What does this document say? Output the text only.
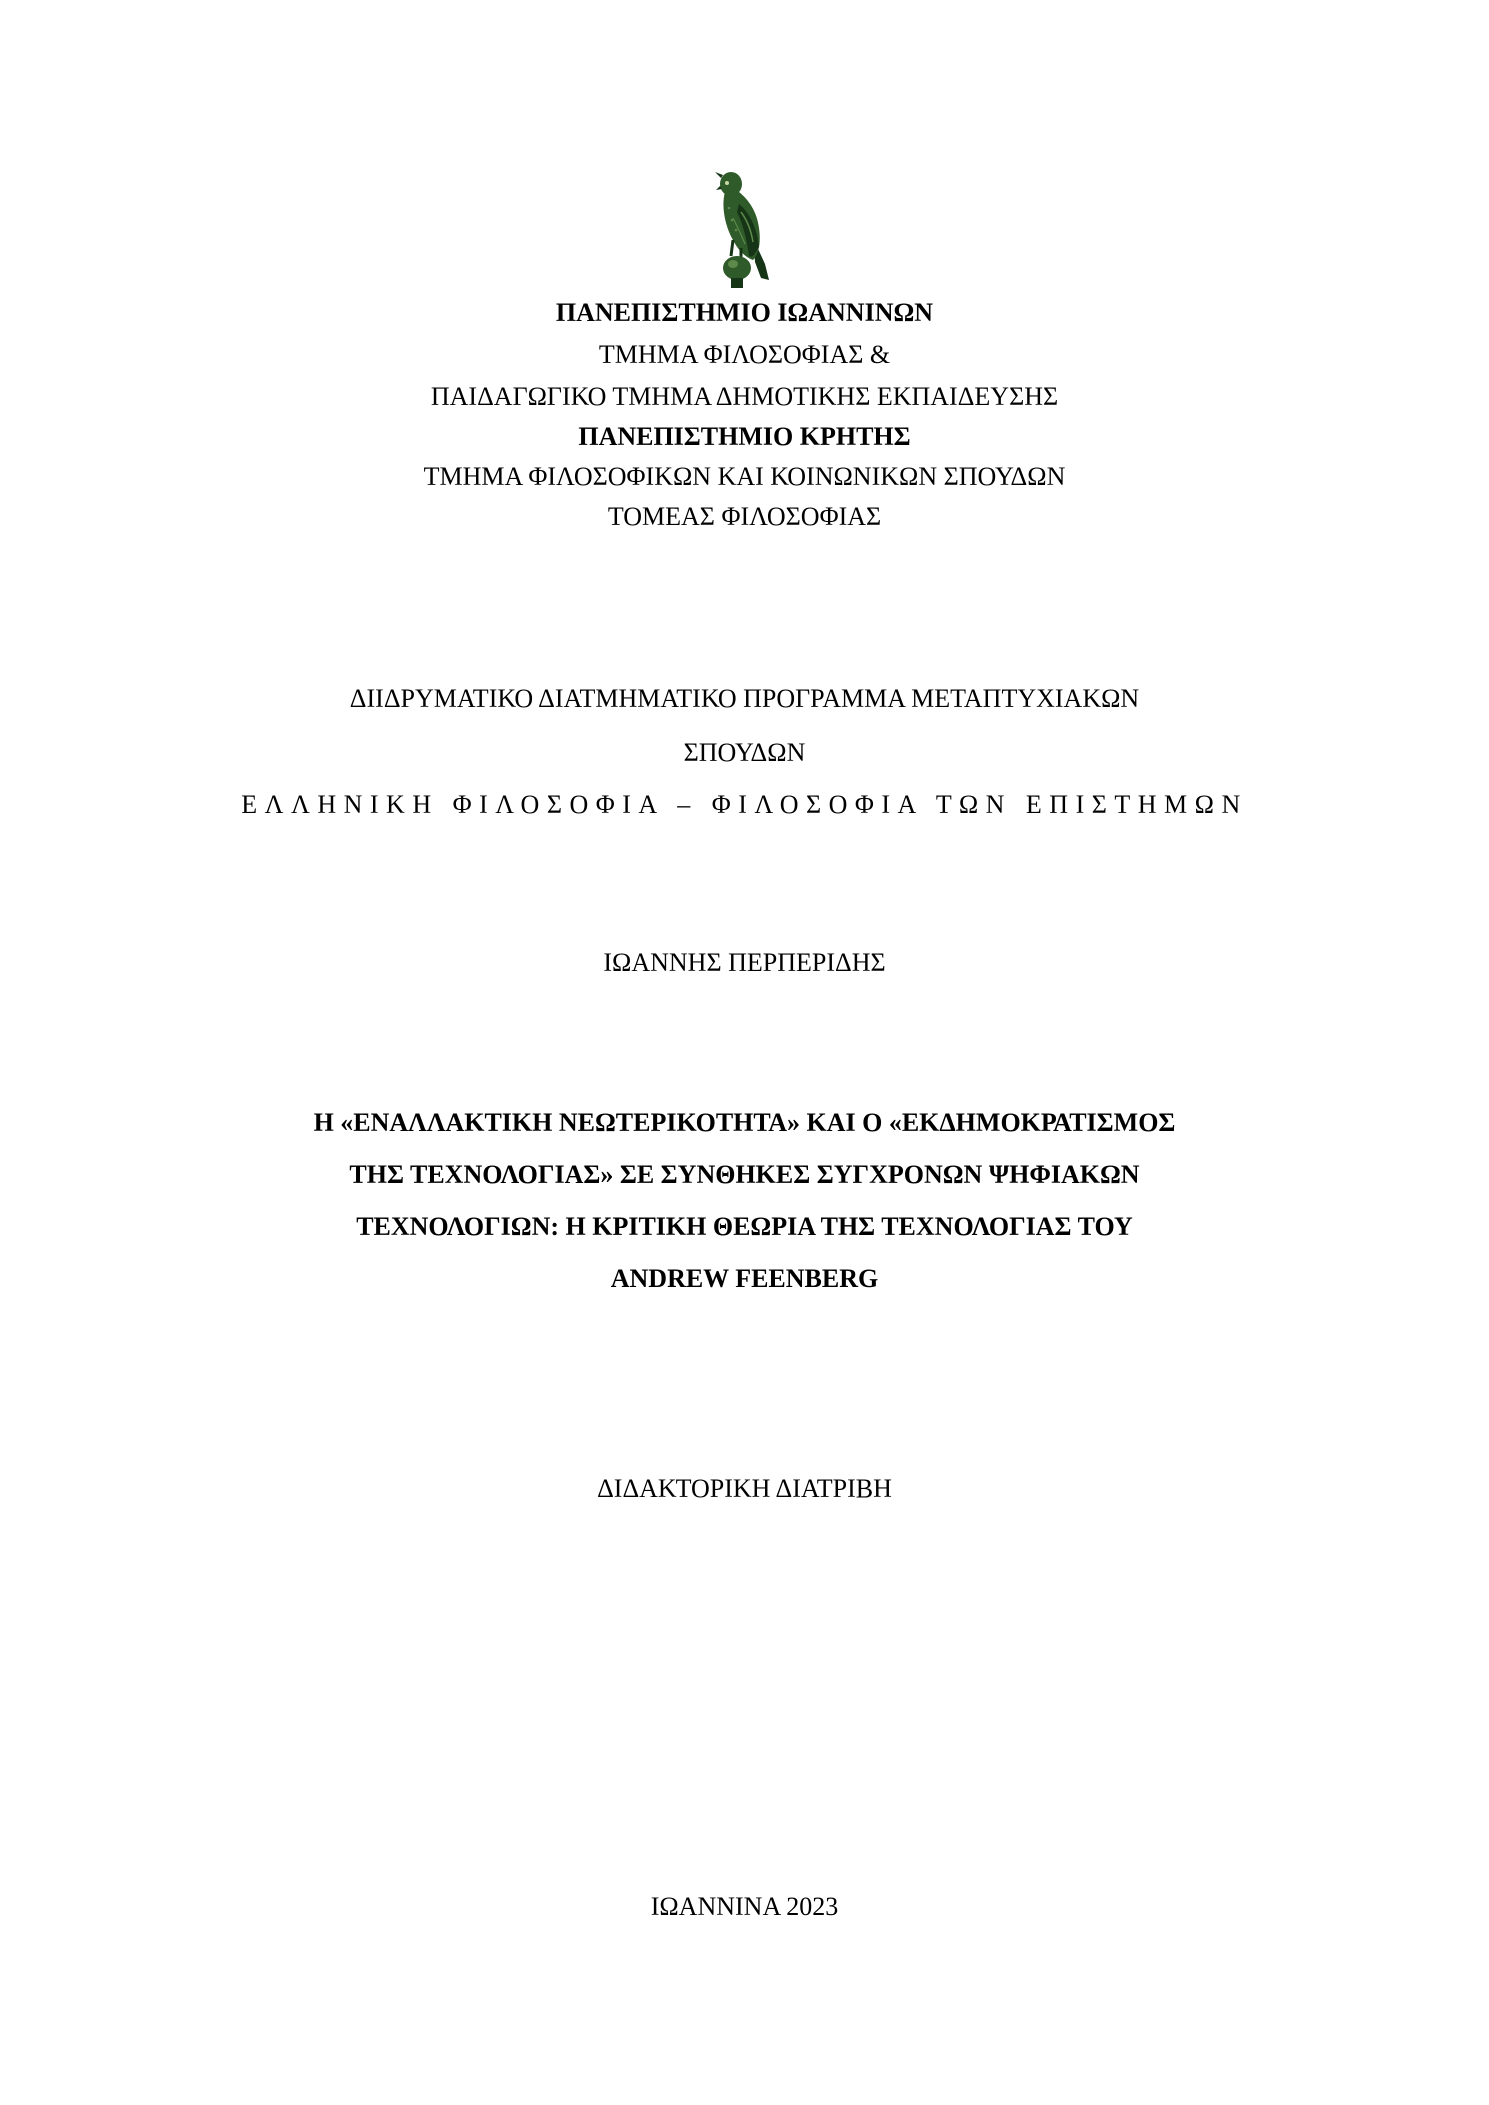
ΠΑΝΕΠΙΣΤΗΜΙΟ ΙΩΑΝΝΙΝΩΝ
ΤΜΗΜΑ ΦΙΛΟΣΟΦΙΑΣ &
ΠΑΙΔΑΓΩΓΙΚΟ ΤΜΗΜΑ ΔΗΜΟΤΙΚΗΣ ΕΚΠΑΙΔΕΥΣΗΣ
ΠΑΝΕΠΙΣΤΗΜΙΟ ΚΡΗΤΗΣ
ΤΜΗΜΑ ΦΙΛΟΣΟΦΙΚΩΝ ΚΑΙ ΚΟΙΝΩΝΙΚΩΝ ΣΠΟΥΔΩΝ
ΤΟΜΕΑΣ ΦΙΛΟΣΟΦΙΑΣ
ΔΙΙΔΡΥΜΑΤΙΚΟ ΔΙΑΤΜΗΜΑΤΙΚΟ ΠΡΟΓΡΑΜΜΑ ΜΕΤΑΠΤΥΧΙΑΚΩΝ
ΣΠΟΥΔΩΝ
ΕΛΛΗΝΙΚΗ ΦΙΛΟΣΟΦΙΑ – ΦΙΛΟΣΟΦΙΑ ΤΩΝ ΕΠΙΣΤΗΜΩΝ
ΙΩΑΝΝΗΣ ΠΕΡΠΕΡΙΔΗΣ
Η «ΕΝΑΛΛΑΚΤΙΚΗ ΝΕΩΤΕΡΙΚΟΤΗΤΑ» ΚΑΙ Ο «ΕΚΔΗΜΟΚΡΑΤΙΣΜΟΣ
ΤΗΣ ΤΕΧΝΟΛΟΓΙΑΣ» ΣΕ ΣΥΝΘΗΚΕΣ ΣΥΓΧΡΟΝΩΝ ΨΗΦΙΑΚΩΝ
ΤΕΧΝΟΛΟΓΙΩΝ: Η ΚΡΙΤΙΚΗ ΘΕΩΡΙΑ ΤΗΣ ΤΕΧΝΟΛΟΓΙΑΣ ΤΟΥ
ANDREW FEENBERG
ΔΙΔΑΚΤΟΡΙΚΗ ΔΙΑΤΡΙΒΗ
ΙΩΑΝΝΙΝΑ 2023
